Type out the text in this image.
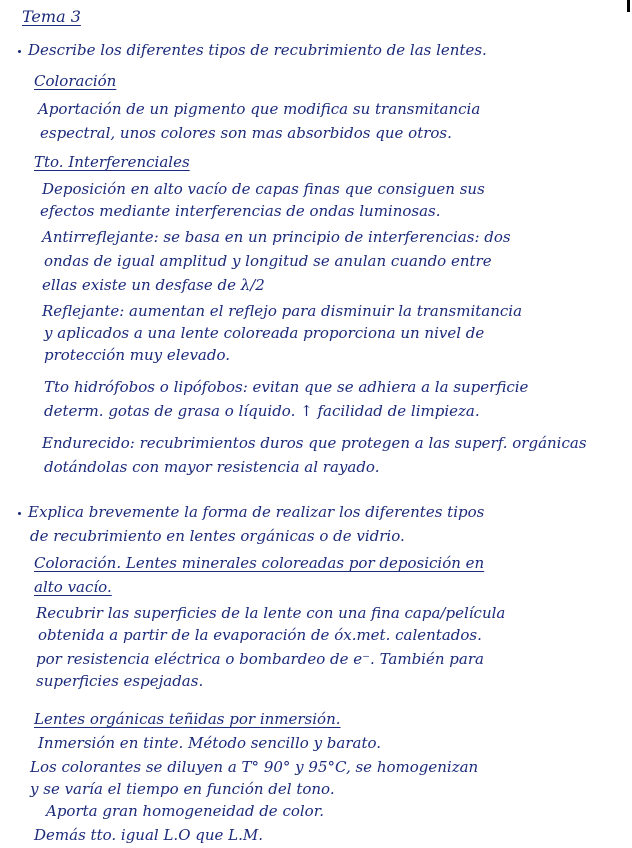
Tema 3
Describe los diferentes tipos de recubrimiento de las lentes.
Coloración
Aportación de un pigmento que modifica su transmitancia
espectral, unos colores son mas absorbidos que otros.
Tto. Interferenciales
Deposición en alto vacío de capas finas que consiguen sus
efectos mediante interferencias de ondas luminosas.
Antirreflejante: se basa en un principio de interferencias: dos
ondas de igual amplitud y longitud se anulan cuando entre
ellas existe un desfase de λ/2
Reflejante: aumentan el reflejo para disminuir la transmitancia
y aplicados a una lente coloreada proporciona un nivel de
protección muy elevado.
Tto hidrófobos o lipófobos: evitan que se adhiera a la superficie
determ. gotas de grasa o líquido. ↑ facilidad de limpieza.
Endurecido: recubrimientos duros que protegen a las superf. orgánicas
dotándolas con mayor resistencia al rayado.
Explica brevemente la forma de realizar los diferentes tipos
de recubrimiento en lentes orgánicas o de vidrio.
Coloración. Lentes minerales coloreadas por deposición en
alto vacío.
Recubrir las superficies de la lente con una fina capa/película
obtenida a partir de la evaporación de óx.met. calentados.
por resistencia eléctrica o bombardeo de e⁻. También para
superficies espejadas.
Lentes orgánicas teñidas por inmersión.
Inmersión en tinte. Método sencillo y barato.
Los colorantes se diluyen a T° 90° y 95°C, se homogenizan
y se varía el tiempo en función del tono.
Aporta gran homogeneidad de color.
Demás tto. igual L.O que L.M.
